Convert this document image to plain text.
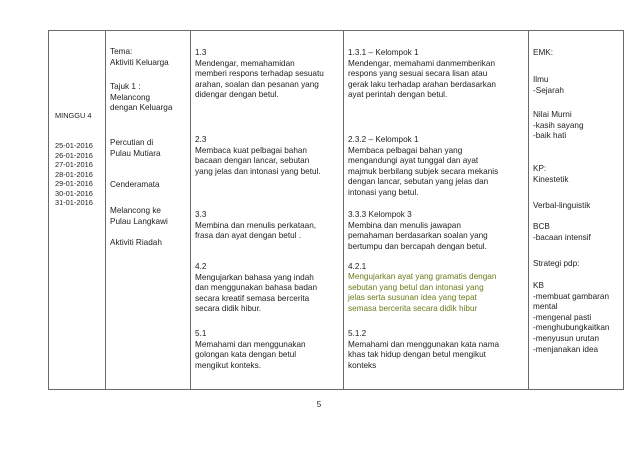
MINGGU 4
25-01-2016
26-01-2016
27-01-2016
28-01-2016
29-01-2016
30-01-2016
31-01-2016

Tema:
Aktiviti Keluarga
Tajuk 1 :
Melancong
dengan Keluarga
Percutian di
Pulau Mutiara
Cenderamata
Melancong ke
Pulau Langkawi
Aktiviti Riadah

1.3
Mendengar, memahamidan
memberi respons terhadap sesuatu
arahan, soalan dan pesanan yang
didengar dengan betul.
2.3
Membaca kuat pelbagai bahan
bacaan dengan lancar, sebutan
yang jelas dan intonasi yang betul.
3.3
Membina dan menulis perkataan,
frasa dan ayat dengan betul .
4.2
Mengujarkan bahasa yang indah
dan menggunakan bahasa badan
secara kreatif semasa bercerita
secara didik hibur.
5.1
Memahami dan menggunakan
golongan kata dengan betul
mengikut konteks.

1.3.1 – Kelompok 1
Mendengar, memahami danmemberikan
respons yang sesuai secara lisan atau
gerak laku terhadap arahan berdasarkan
ayat perintah dengan betul.
2.3.2 – Kelompok 1
Membaca pelbagai bahan yang
mengandungi ayat tunggal dan ayat
majmuk berbilang subjek secara mekanis
dengan lancar, sebutan yang jelas dan
intonasi yang betul.
3.3.3 Kelompok 3
Membina dan menulis jawapan
pemahaman berdasarkan soalan yang
bertumpu dan bercapah dengan betul.
4.2.1
Mengujarkan ayat yang gramatis dengan
sebutan yang betul dan intonasi yang
jelas serta susunan idea yang tepat
semasa bercerita secara didik hibur
5.1.2
Memahami dan menggunakan kata nama
khas tak hidup dengan betul mengikut
konteks

EMK:
Ilmu
-Sejarah
Nilai Murni
-kasih sayang
-baik hati
KP:
Kinestetik
Verbal-linguistik
BCB
-bacaan intensif
Strategi pdp:
KB
-membuat gambaran
mental
-mengenal pasti
-menghubungkaitkan
-menyusun urutan
-menjanakan idea
5
